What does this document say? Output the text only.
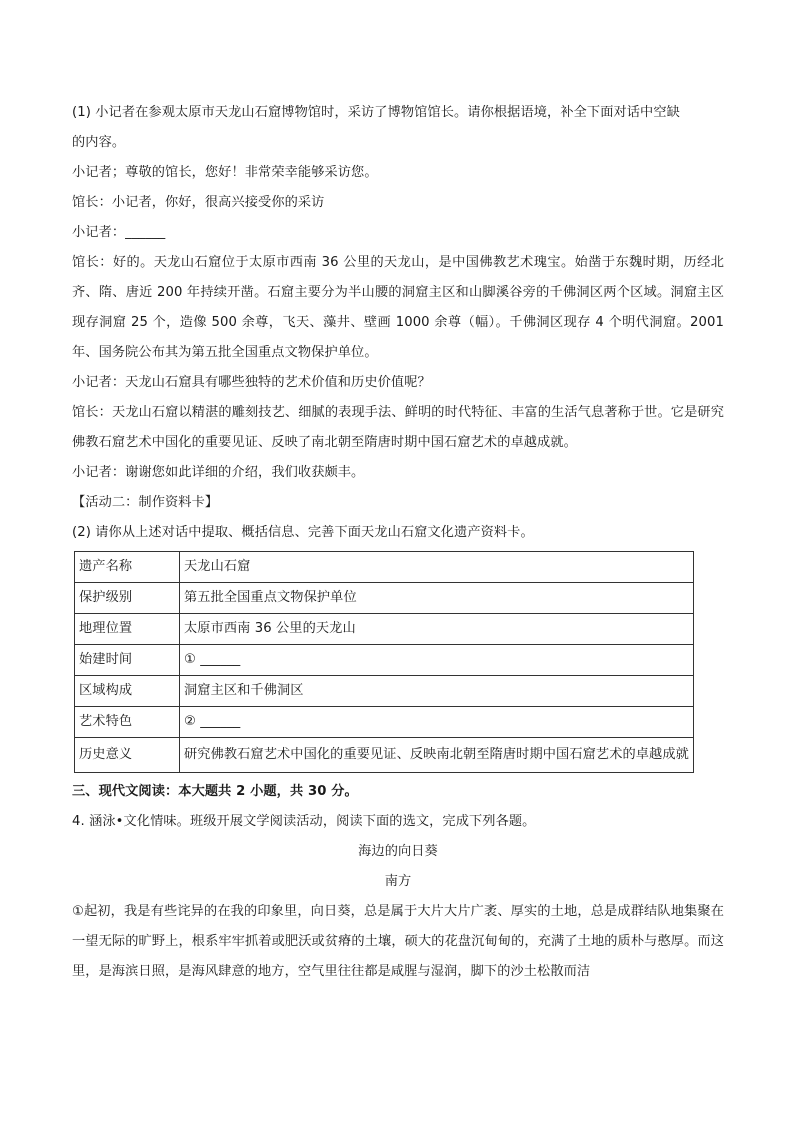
(1) 小记者在参观太原市天龙山石窟博物馆时，采访了博物馆馆长。请你根据语境，补全下面对话中空缺
的内容。

小记者；尊敬的馆长，您好！非常荣幸能够采访您。

馆长：小记者，你好，很高兴接受你的采访

小记者：______

馆长：好的。天龙山石窟位于太原市西南 36 公里的天龙山，是中国佛教艺术瑰宝。始凿于东魏时期，历经北齐、隋、唐近 200 年持续开凿。石窟主要分为半山腰的洞窟主区和山脚溪谷旁的千佛洞区两个区域。洞窟主区现存洞窟 25 个，造像 500 余尊，飞天、藻井、壁画 1000 余尊（幅）。千佛洞区现存 4 个明代洞窟。2001 年、国务院公布其为第五批全国重点文物保护单位。

小记者：天龙山石窟具有哪些独特的艺术价值和历史价值呢？

馆长：天龙山石窟以精湛的雕刻技艺、细腻的表现手法、鲜明的时代特征、丰富的生活气息著称于世。它是研究佛教石窟艺术中国化的重要见证、反映了南北朝至隋唐时期中国石窟艺术的卓越成就。

小记者：谢谢您如此详细的介绍，我们收获颇丰。

【活动二：制作资料卡】

(2) 请你从上述对话中提取、概括信息、完善下面天龙山石窟文化遗产资料卡。

遗产名称	天龙山石窟
保护级别	第五批全国重点文物保护单位
地理位置	太原市西南 36 公里的天龙山
始建时间	① ______
区域构成	洞窟主区和千佛洞区
艺术特色	② ______
历史意义	研究佛教石窟艺术中国化的重要见证、反映南北朝至隋唐时期中国石窟艺术的卓越成就

三、现代文阅读：本大题共 2 小题，共 30 分。

4. 涵泳•文化情味。班级开展文学阅读活动，阅读下面的选文，完成下列各题。

海边的向日葵

南方

①起初，我是有些诧异的在我的印象里，向日葵，总是属于大片大片广袤、厚实的土地，总是成群结队地集聚在一望无际的旷野上，根系牢牢抓着或肥沃或贫瘠的土壤，硕大的花盘沉甸甸的，充满了土地的质朴与憨厚。而这里，是海滨日照，是海风肆意的地方，空气里往往都是咸腥与湿润，脚下的沙土松散而洁
